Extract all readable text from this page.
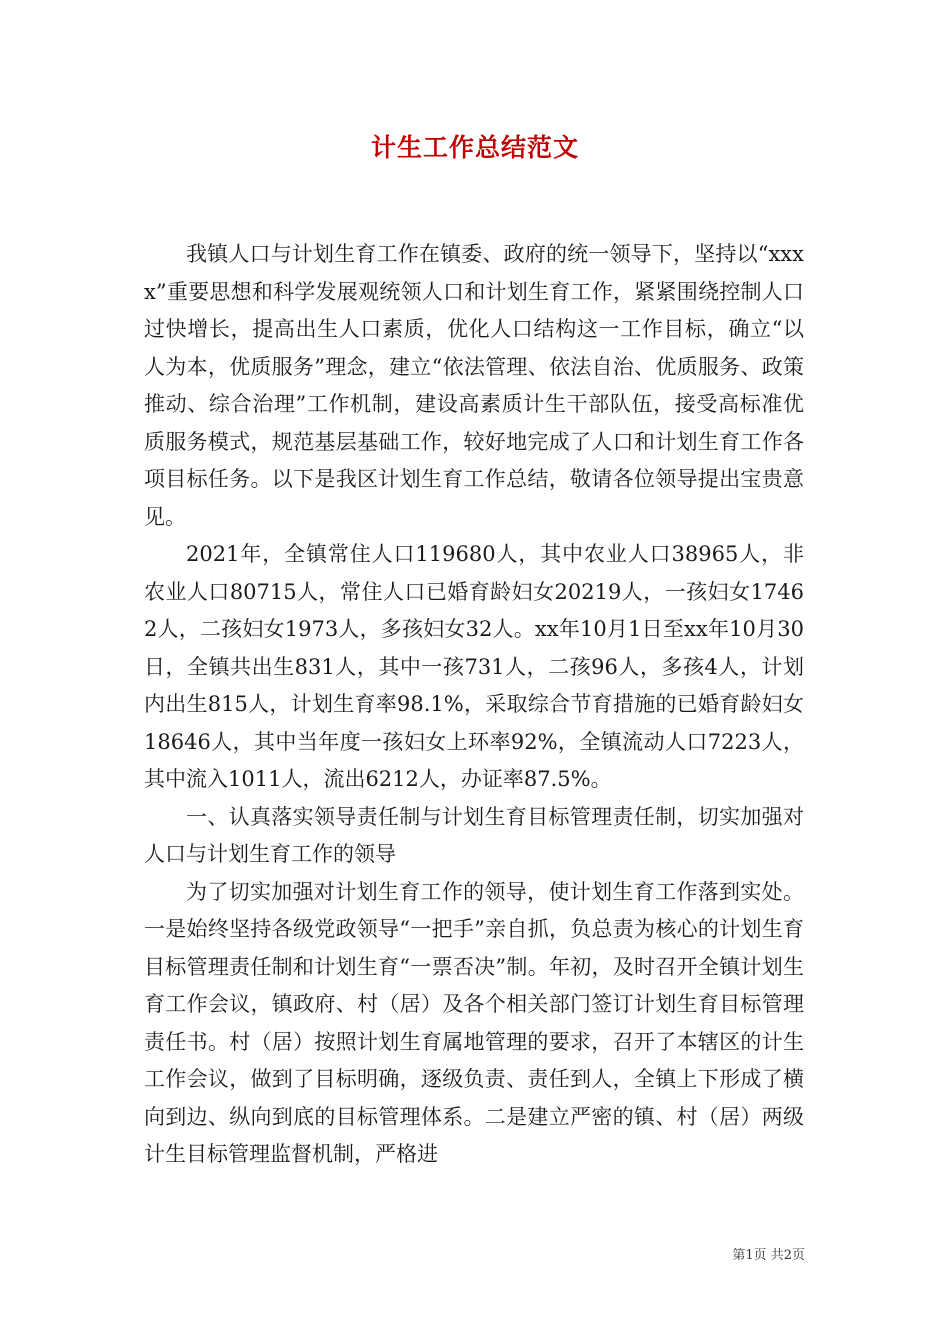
计生工作总结范文

我镇人口与计划生育工作在镇委、政府的统一领导下，坚持以“xxxx”重要思想和科学发展观统领人口和计划生育工作，紧紧围绕控制人口过快增长，提高出生人口素质，优化人口结构这一工作目标，确立“以人为本，优质服务”理念，建立“依法管理、依法自治、优质服务、政策推动、综合治理”工作机制，建设高素质计生干部队伍，接受高标准优质服务模式，规范基层基础工作，较好地完成了人口和计划生育工作各项目标任务。以下是我区计划生育工作总结，敬请各位领导提出宝贵意见。

2021年，全镇常住人口119680人，其中农业人口38965人，非农业人口80715人，常住人口已婚育龄妇女20219人，一孩妇女17462人，二孩妇女1973人，多孩妇女32人。xx年10月1日至xx年10月30日，全镇共出生831人，其中一孩731人，二孩96人，多孩4人，计划内出生815人，计划生育率98.1%，采取综合节育措施的已婚育龄妇女18646人，其中当年度一孩妇女上环率92%，全镇流动人口7223人，其中流入1011人，流出6212人，办证率87.5%。

一、认真落实领导责任制与计划生育目标管理责任制，切实加强对人口与计划生育工作的领导

为了切实加强对计划生育工作的领导，使计划生育工作落到实处。一是始终坚持各级党政领导“一把手”亲自抓，负总责为核心的计划生育目标管理责任制和计划生育“一票否决”制。年初，及时召开全镇计划生育工作会议，镇政府、村（居）及各个相关部门签订计划生育目标管理责任书。村（居）按照计划生育属地管理的要求，召开了本辖区的计生工作会议，做到了目标明确，逐级负责、责任到人，全镇上下形成了横向到边、纵向到底的目标管理体系。二是建立严密的镇、村（居）两级计生目标管理监督机制，严格进

第1页 共2页
